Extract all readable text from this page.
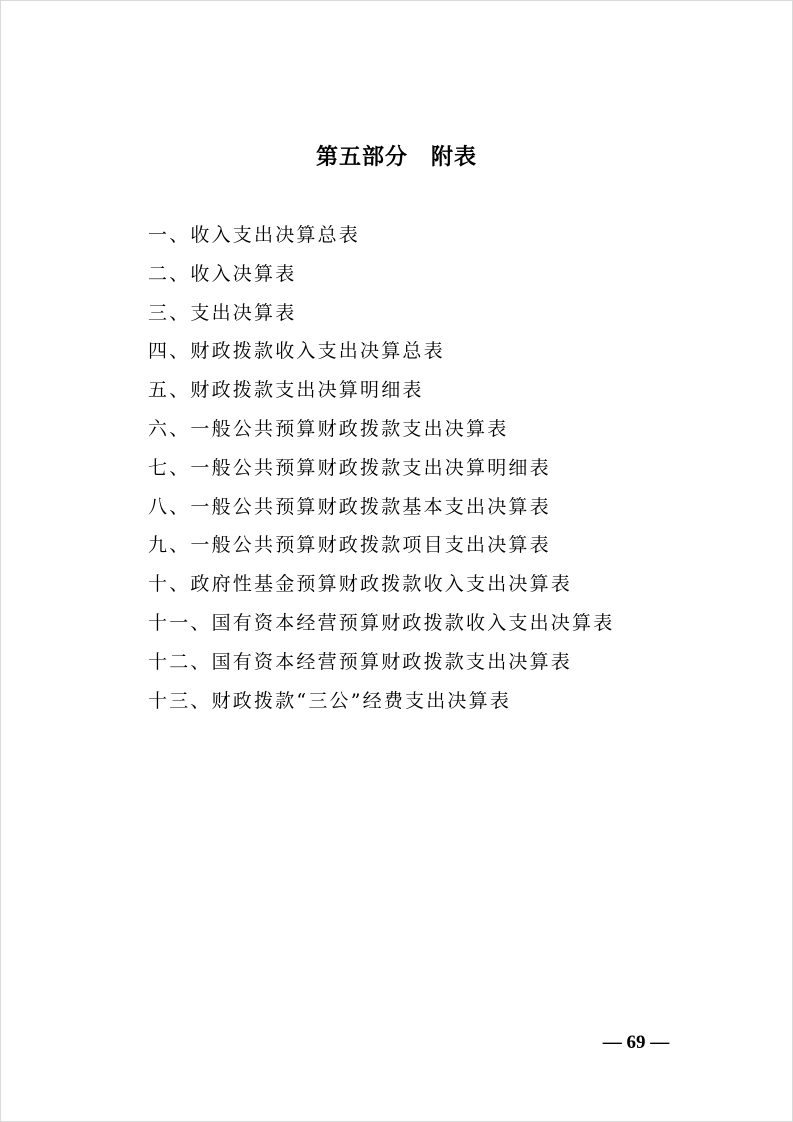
第五部分　附表
一、收入支出决算总表
二、收入决算表
三、支出决算表
四、财政拨款收入支出决算总表
五、财政拨款支出决算明细表
六、一般公共预算财政拨款支出决算表
七、一般公共预算财政拨款支出决算明细表
八、一般公共预算财政拨款基本支出决算表
九、一般公共预算财政拨款项目支出决算表
十、政府性基金预算财政拨款收入支出决算表
十一、国有资本经营预算财政拨款收入支出决算表
十二、国有资本经营预算财政拨款支出决算表
十三、财政拨款“三公”经费支出决算表
— 69 —
